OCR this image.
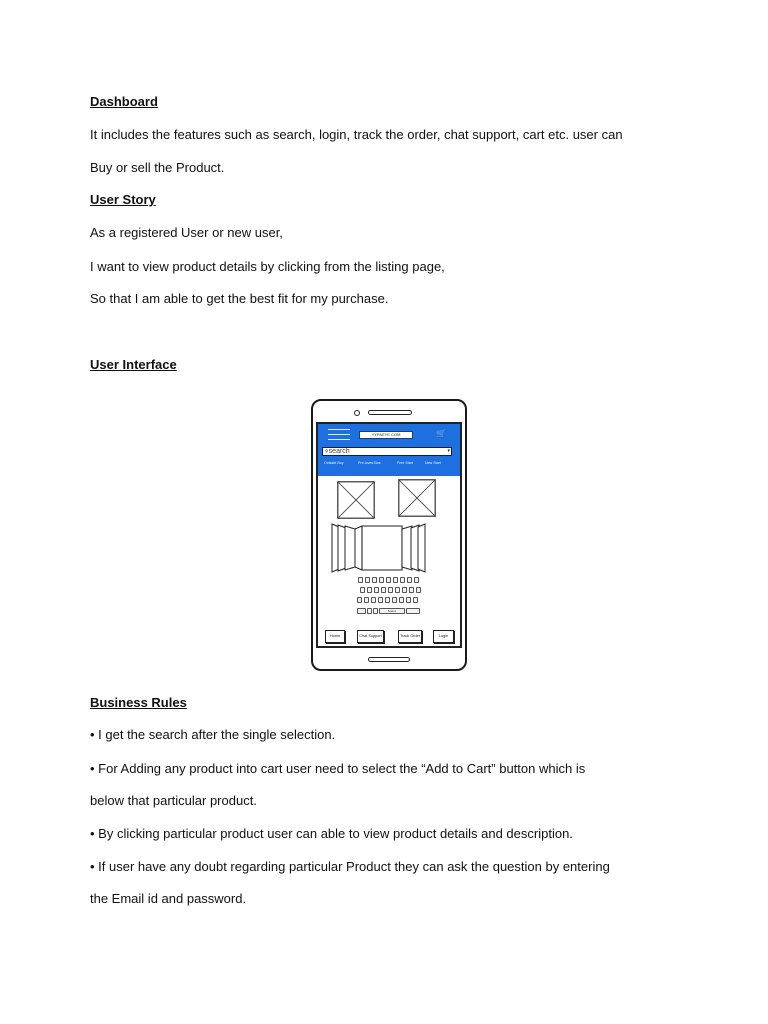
Dashboard
It includes the features such as search, login, track the order, chat support, cart etc. user can
Buy or sell the Product.
User Story
As a registered User or new user,
I want to view product details by clicking from the listing page,
So that I am able to get the best fit for my purchase.
User Interface
YYPAEYE.COM	🛒
⚲search	▾
Outside Buy	Pre-loved Bos	Free Start	New Start
Space
Home	Chat Support	Track Order	Login
Business Rules
• I get the search after the single selection.
• For Adding any product into cart user need to select the “Add to Cart” button which is
below that particular product.
• By clicking particular product user can able to view product details and description.
• If user have any doubt regarding particular Product they can ask the question by entering
the Email id and password.
